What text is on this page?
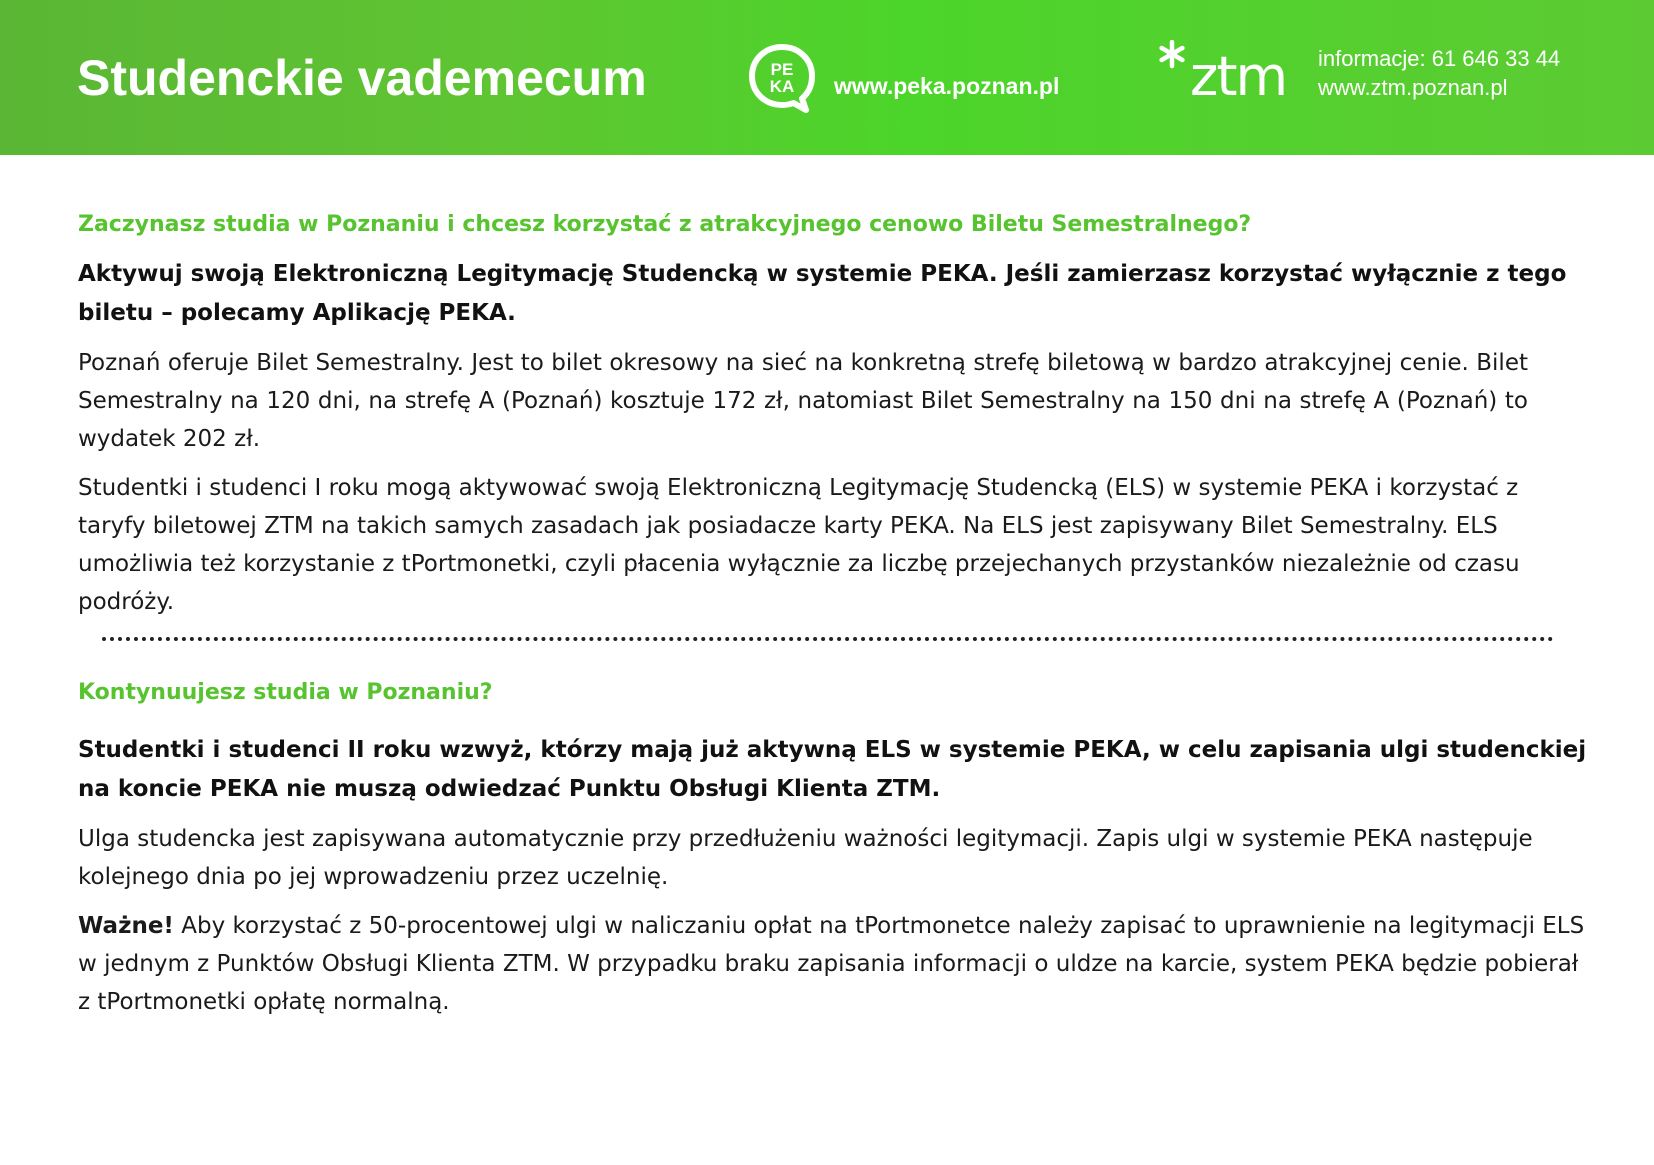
Studenckie vademecum	PE
KA www.peka.poznan.pl ztm informacje: 61 646 33 44
www.ztm.poznan.pl
Zaczynasz studia w Poznaniu i chcesz korzystać z atrakcyjnego cenowo Biletu Semestralnego?

Aktywuj swoją Elektroniczną Legitymację Studencką w systemie PEKA. Jeśli zamierzasz korzystać wyłącznie z tego biletu – polecamy Aplikację PEKA.

Poznań oferuje Bilet Semestralny. Jest to bilet okresowy na sieć na konkretną strefę biletową w bardzo atrakcyjnej cenie. Bilet Semestralny na 120 dni, na strefę A (Poznań) kosztuje 172 zł, natomiast Bilet Semestralny na 150 dni na strefę A (Poznań) to wydatek 202 zł.

Studentki i studenci I roku mogą aktywować swoją Elektroniczną Legitymację Studencką (ELS) w systemie PEKA i korzystać z taryfy biletowej ZTM na takich samych zasadach jak posiadacze karty PEKA. Na ELS jest zapisywany Bilet Semestralny. ELS umożliwia też korzystanie z tPortmonetki, czyli płacenia wyłącznie za liczbę przejechanych przystanków niezależnie od czasu podróży.

Kontynuujesz studia w Poznaniu?

Studentki i studenci II roku wzwyż, którzy mają już aktywną ELS w systemie PEKA, w celu zapisania ulgi studenckiej na koncie PEKA nie muszą odwiedzać Punktu Obsługi Klienta ZTM.

Ulga studencka jest zapisywana automatycznie przy przedłużeniu ważności legitymacji. Zapis ulgi w systemie PEKA następuje kolejnego dnia po jej wprowadzeniu przez uczelnię.

Ważne! Aby korzystać z 50-procentowej ulgi w naliczaniu opłat na tPortmonetce należy zapisać to uprawnienie na legitymacji ELS w jednym z Punktów Obsługi Klienta ZTM. W przypadku braku zapisania informacji o uldze na karcie, system PEKA będzie pobierał z tPortmonetki opłatę normalną.
